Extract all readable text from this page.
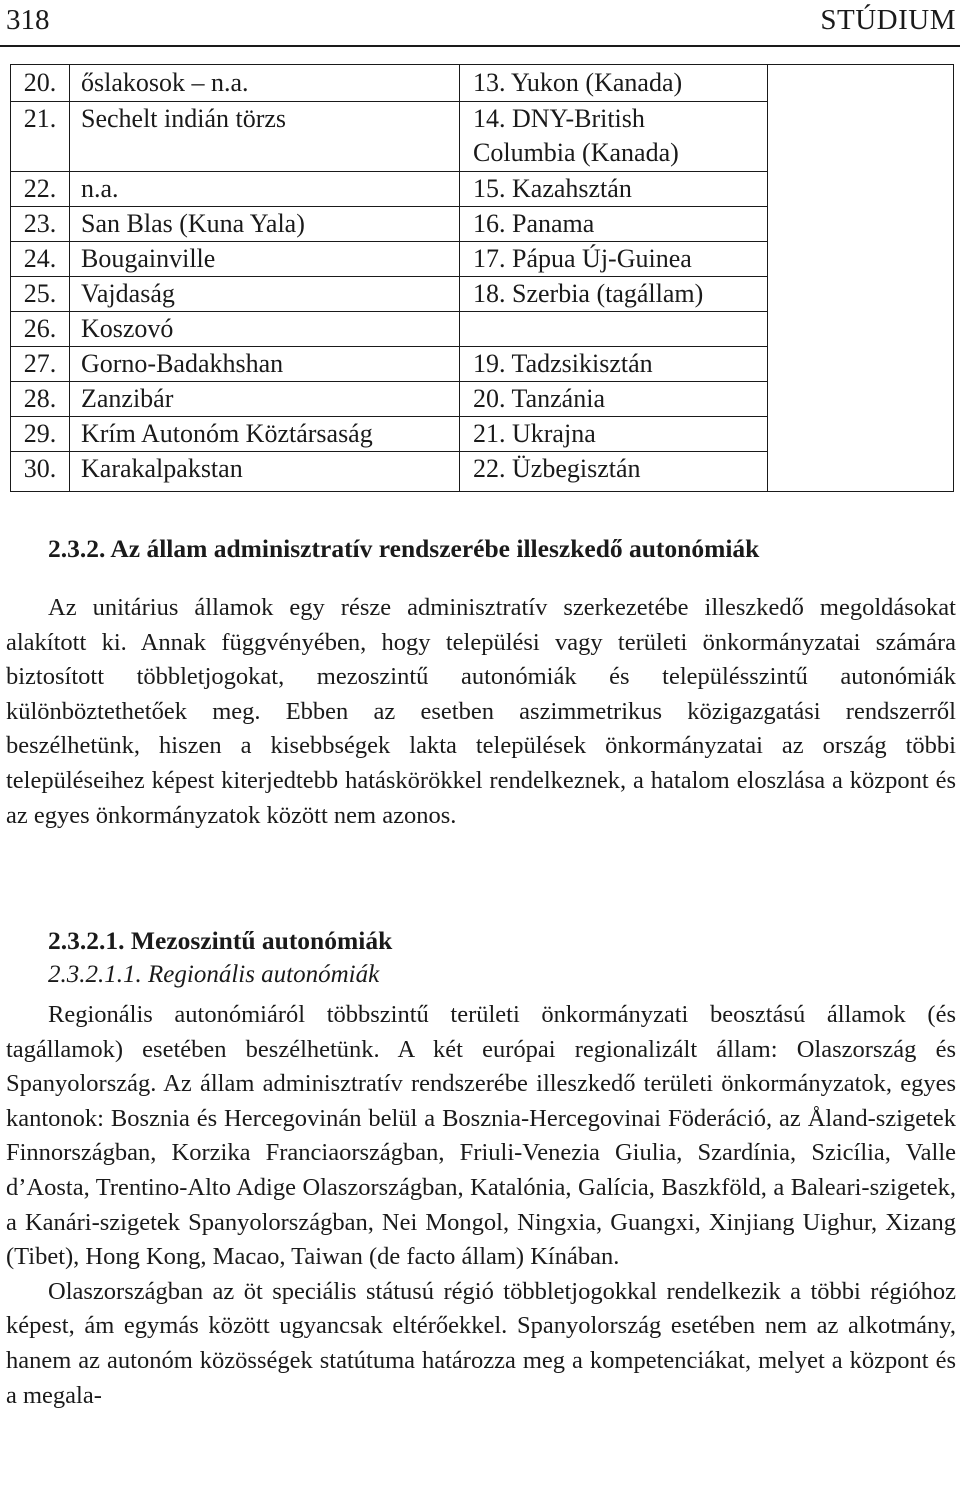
318	STÚDIUM
20. őslakosok – n.a.	13. Yukon (Kanada)
21. Sechelt indián törzs	14. DNY-British
Columbia (Kanada)
22. n.a.	15. Kazahsztán
23. San Blas (Kuna Yala)	16. Panama
24. Bougainville	17. Pápua Új-Guinea
25. Vajdaság	18. Szerbia (tagállam)
26. Koszovó
27. Gorno-Badakhshan	19. Tadzsikisztán
28. Zanzibár	20. Tanzánia
29. Krím Autonóm Köztársaság	21. Ukrajna
30. Karakalpakstan	22. Üzbegisztán
2.3.2. Az állam adminisztratív rendszerébe illeszkedő autonómiák

Az unitárius államok egy része adminisztratív szerkezetébe illeszkedő megoldásokat alakított ki. Annak függvényében, hogy települési vagy területi önkormányzatai számára biztosított többletjogokat, mezoszintű autonómiák és településszintű autonómiák különböztethetőek meg. Ebben az esetben aszimmetrikus közigazgatási rendszerről beszélhetünk, hiszen a kisebbségek lakta települések önkormányzatai az ország többi településeihez képest kiterjedtebb hatáskörökkel rendelkeznek, a hatalom eloszlása a központ és az egyes önkormányzatok között nem azonos.

2.3.2.1. Mezoszintű autonómiák
2.3.2.1.1. Regionális autonómiák

Regionális autonómiáról többszintű területi önkormányzati beosztású államok (és tagállamok) esetében beszélhetünk. A két európai regionalizált állam: Olaszország és Spanyolország. Az állam adminisztratív rendszerébe illeszkedő területi önkormányzatok, egyes kantonok: Bosznia és Hercegovinán belül a Bosznia-Hercegovinai Föderáció, az Åland-szigetek Finnországban, Korzika Franciaországban, Friuli-Venezia Giulia, Szardínia, Szicília, Valle d’Aosta, Trentino-Alto Adige Olaszországban, Katalónia, Galícia, Baszkföld, a Baleari-szigetek, a Kanári-szigetek Spanyolországban, Nei Mongol, Ningxia, Guangxi, Xinjiang Uighur, Xizang (Tibet), Hong Kong, Macao, Taiwan (de facto állam) Kínában.

Olaszországban az öt speciális státusú régió többletjogokkal rendelkezik a többi régióhoz képest, ám egymás között ugyancsak eltérőekkel. Spanyolország esetében nem az alkotmány, hanem az autonóm közösségek statútuma határozza meg a kompetenciákat, melyet a központ és a megala-
